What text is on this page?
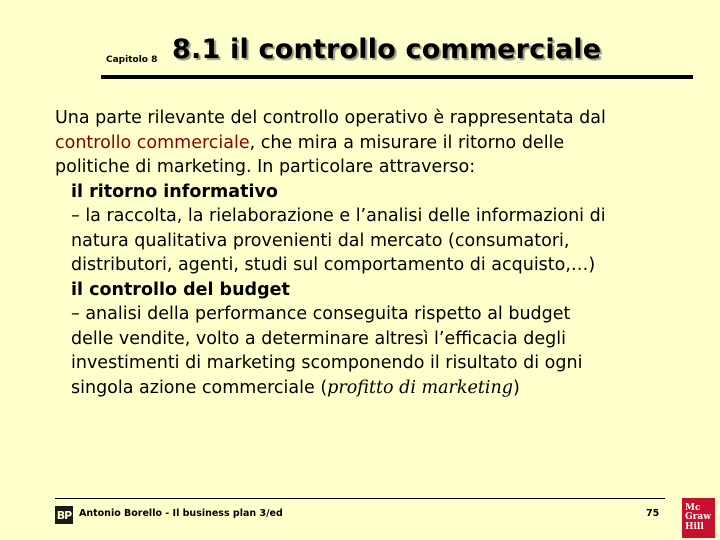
Capitolo 8 8.1 il controllo commerciale

Una parte rilevante del controllo operativo è rappresentata dal

controllo commerciale, che mira a misurare il ritorno delle

politiche di marketing. In particolare attraverso:

il ritorno informativo

– la raccolta, la rielaborazione e l’analisi delle informazioni di

natura qualitativa provenienti dal mercato (consumatori,

distributori, agenti, studi sul comportamento di acquisto,…)

il controllo del budget

– analisi della performance conseguita rispetto al budget

delle vendite, volto a determinare altresì l’efficacia degli

investimenti di marketing scomponendo il risultato di ogni

singola azione commerciale (profitto di marketing)

BP Antonio Borello - Il business plan 3/ed	75
Mc
Graw
Hill
